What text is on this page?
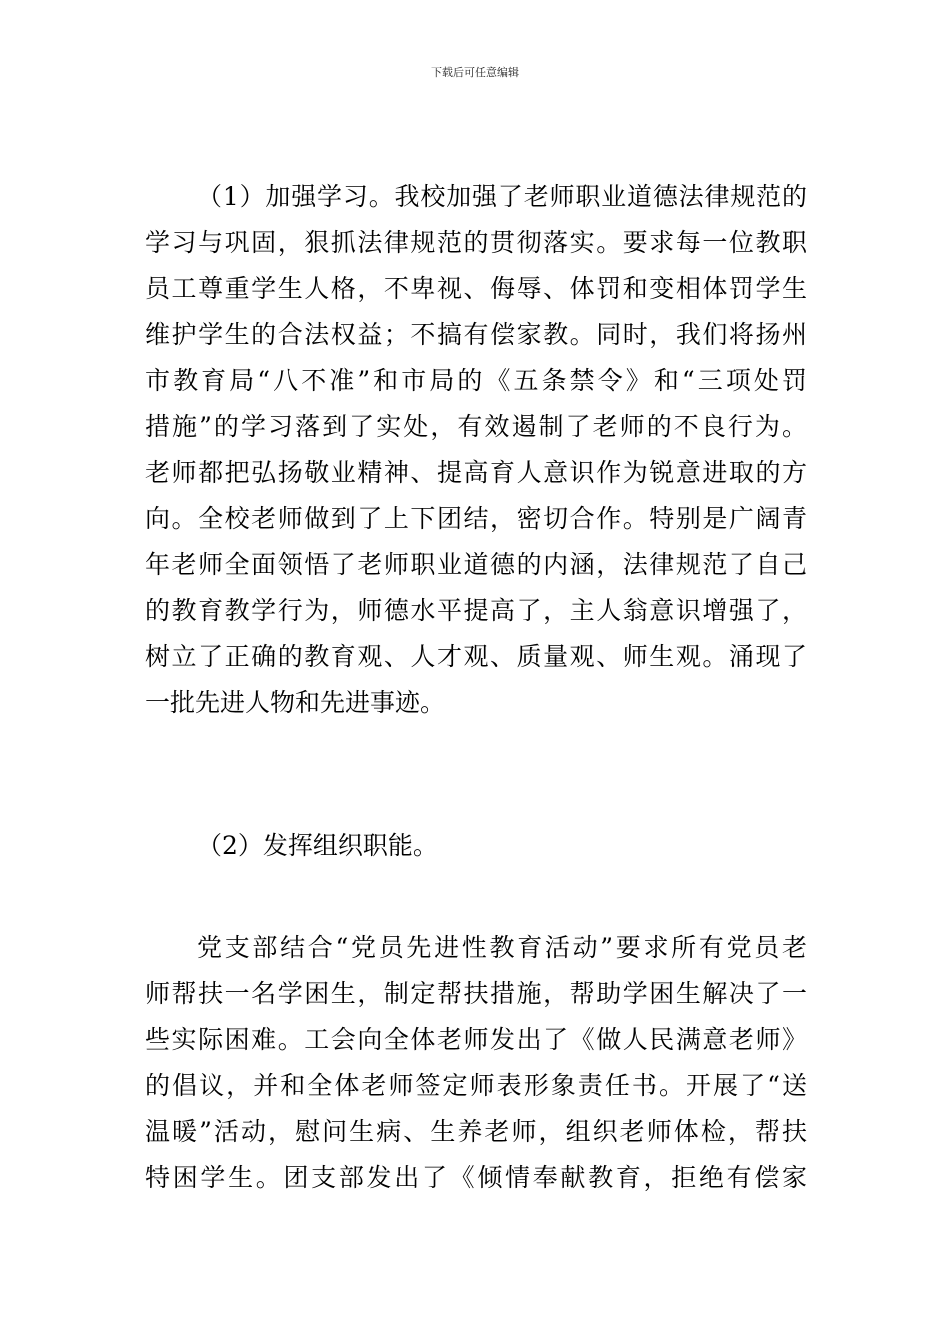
下载后可任意编辑
（1）加强学习。我校加强了老师职业道德法律规范的
学习与巩固，狠抓法律规范的贯彻落实。要求每一位教职
员工尊重学生人格，不卑视、侮辱、体罚和变相体罚学生
维护学生的合法权益；不搞有偿家教。同时，我们将扬州
市教育局“八不准”和市局的《五条禁令》和“三项处罚
措施”的学习落到了实处，有效遏制了老师的不良行为。
老师都把弘扬敬业精神、提高育人意识作为锐意进取的方
向。全校老师做到了上下团结，密切合作。特别是广阔青
年老师全面领悟了老师职业道德的内涵，法律规范了自己
的教育教学行为，师德水平提高了，主人翁意识增强了，
树立了正确的教育观、人才观、质量观、师生观。涌现了
一批先进人物和先进事迹。
（2）发挥组织职能。
党支部结合“党员先进性教育活动”要求所有党员老
师帮扶一名学困生，制定帮扶措施，帮助学困生解决了一
些实际困难。工会向全体老师发出了《做人民满意老师》
的倡议，并和全体老师签定师表形象责任书。开展了“送
温暖”活动，慰问生病、生养老师，组织老师体检，帮扶
特困学生。团支部发出了《倾情奉献教育，拒绝有偿家
